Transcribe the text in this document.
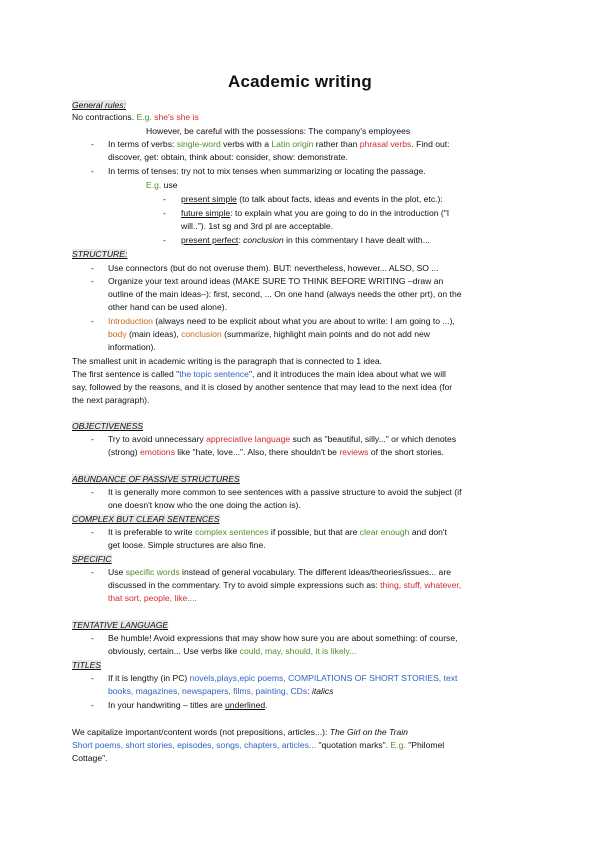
Academic writing
General rules:
No contractions. E.g. she's she is
However, be careful with the possessions: The company's employees
- In terms of verbs: single-word verbs with a Latin origin rather than phrasal verbs. Find out:
discover, get: obtain, think about: consider, show: demonstrate.
- In terms of tenses: try not to mix tenses when summarizing or locating the passage.
E.g. use
- present simple (to talk about facts, ideas and events in the plot, etc.):
- future simple: to explain what you are going to do in the introduction ("I
will.."). 1st sg and 3rd pl are acceptable.
- present perfect: conclusion in this commentary I have dealt with...
STRUCTURE:
- Use connectors (but do not overuse them). BUT: nevertheless, however... ALSO, SO ...
- Organize your text around ideas (MAKE SURE TO THINK BEFORE WRITING –draw an
outline of the main ideas–): first, second, ... On one hand (always needs the other prt), on the
other hand can be used alone).
- Introduction (always need to be explicit about what you are about to write: I am going to ...),
body (main ideas), conclusion (summarize, highlight main points and do not add new
information).
The smallest unit in academic writing is the paragraph that is connected to 1 idea.
The first sentence is called "the topic sentence", and it introduces the main idea about what we will
say, followed by the reasons, and it is closed by another sentence that may lead to the next idea (for
the next paragraph).
OBJECTIVENESS
- Try to avoid unnecessary appreciative language such as "beautiful, silly..." or which denotes
(strong) emotions like "hate, love...". Also, there shouldn't be reviews of the short stories.
ABUNDANCE OF PASSIVE STRUCTURES
- It is generally more common to see sentences with a passive structure to avoid the subject (if
one doesn't know who the one doing the action is).
COMPLEX BUT CLEAR SENTENCES
- It is preferable to write complex sentences if possible, but that are clear enough and don't
get loose. Simple structures are also fine.
SPECIFIC
- Use specific words instead of general vocabulary. The different ideas/theories/issues... are
discussed in the commentary. Try to avoid simple expressions such as: thing, stuff, whatever,
that sort, people, like....
TENTATIVE LANGUAGE
- Be humble! Avoid expressions that may show how sure you are about something: of course,
obviously, certain... Use verbs like could, may, should, it is likely...
TITLES
- If it is lengthy (in PC) novels,plays,epic poems, COMPILATIONS OF SHORT STORIES, text
books, magazines, newspapers, films, painting, CDs: italics
- In your handwriting – titles are underlined.
We capitalize important/content words (not prepositions, articles...): The Girl on the Train
Short poems, short stories, episodes, songs, chapters, articles... "quotation marks". E.g. "Philomel
Cottage".
